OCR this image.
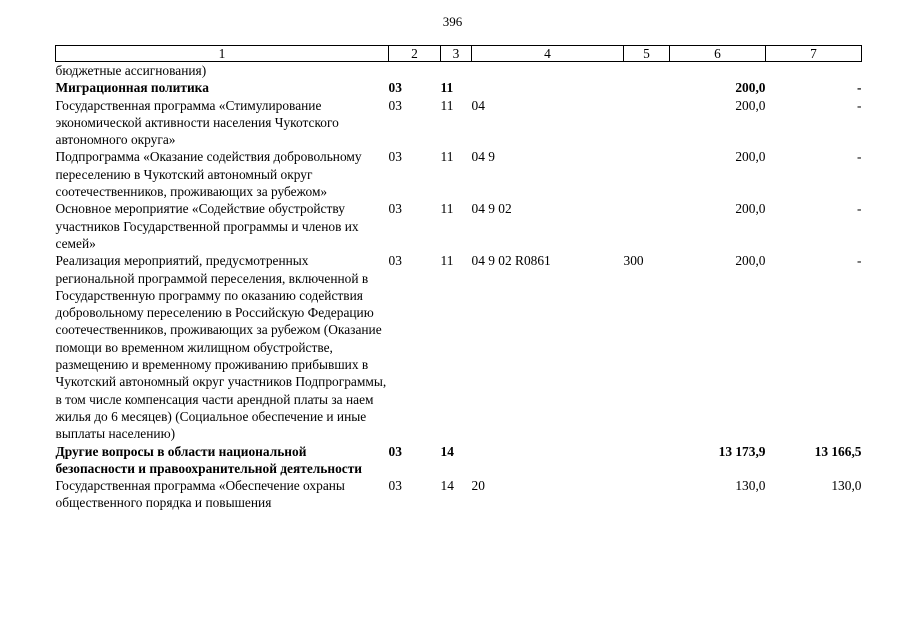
396
1	2	3	4	5	6	7
бюджетные ассигнования)						
Миграционная политика	03	11			200,0	-
Государственная программа «Стимулирование экономической активности населения Чукотского автономного округа»	03	11	04		200,0	-
Подпрограмма «Оказание содействия добровольному переселению в Чукотский автономный округ соотечественников, проживающих за рубежом»	03	11	04 9		200,0	-
Основное мероприятие «Содействие обустройству участников Государственной программы и членов их семей»	03	11	04 9 02		200,0	-
Реализация мероприятий, предусмотренных региональной программой переселения, включенной в Государственную программу по оказанию содействия добровольному переселению в Российскую Федерацию соотечественников, проживающих за рубежом (Оказание помощи во временном жилищном обустройстве, размещению и временному проживанию прибывших в Чукотский автономный округ участников Подпрограммы, в том числе компенсация части арендной платы за наем жилья до 6 месяцев) (Социальное обеспечение и иные выплаты населению)	03	11	04 9 02 R0861	300	200,0	-
Другие вопросы в области национальной безопасности и правоохранительной деятельности	03	14			13 173,9	13 166,5
Государственная программа «Обеспечение охраны общественного порядка и повышения	03	14	20		130,0	130,0
